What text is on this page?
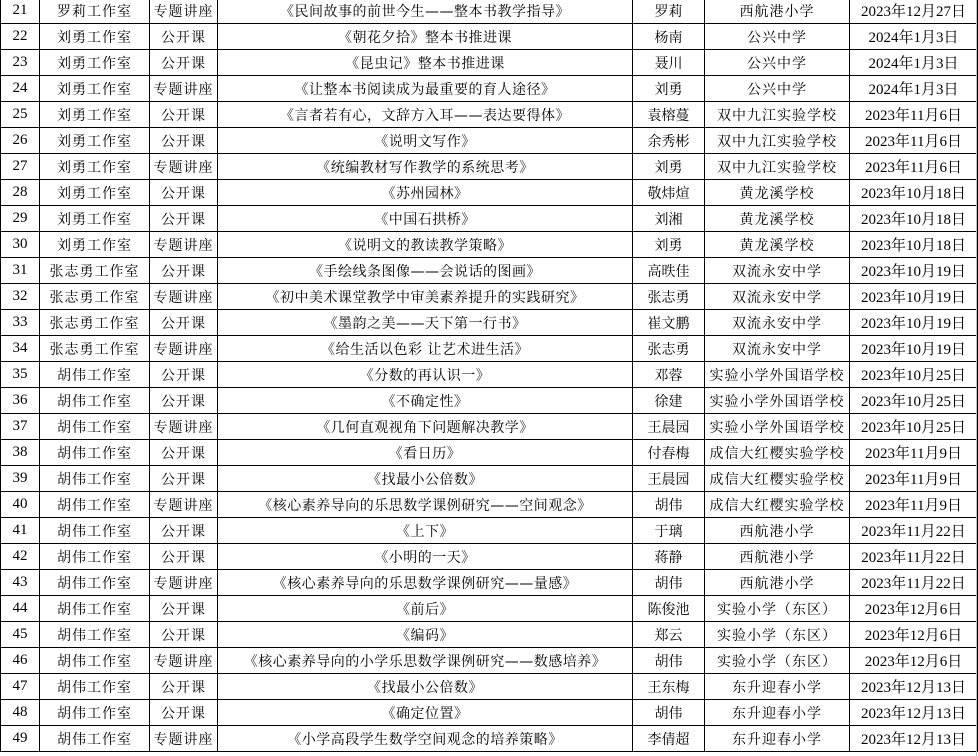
21	罗莉工作室	专题讲座	《民间故事的前世今生——整本书教学指导》	罗莉	西航港小学	2023年12月27日
22	刘勇工作室	公开课	《朝花夕拾》整本书推进课	杨南	公兴中学	2024年1月3日
23	刘勇工作室	公开课	《昆虫记》整本书推进课	聂川	公兴中学	2024年1月3日
24	刘勇工作室	专题讲座	《让整本书阅读成为最重要的育人途径》	刘勇	公兴中学	2024年1月3日
25	刘勇工作室	公开课	《言者若有心，文辞方入耳——表达要得体》	袁榕蔓	双中九江实验学校	2023年11月6日
26	刘勇工作室	公开课	《说明文写作》	余秀彬	双中九江实验学校	2023年11月6日
27	刘勇工作室	专题讲座	《统编教材写作教学的系统思考》	刘勇	双中九江实验学校	2023年11月6日
28	刘勇工作室	公开课	《苏州园林》	敬炜煊	黄龙溪学校	2023年10月18日
29	刘勇工作室	公开课	《中国石拱桥》	刘湘	黄龙溪学校	2023年10月18日
30	刘勇工作室	专题讲座	《说明文的教读教学策略》	刘勇	黄龙溪学校	2023年10月18日
31	张志勇工作室	公开课	《手绘线条图像——会说话的图画》	高昳佳	双流永安中学	2023年10月19日
32	张志勇工作室	专题讲座	《初中美术课堂教学中审美素养提升的实践研究》	张志勇	双流永安中学	2023年10月19日
33	张志勇工作室	公开课	《墨韵之美——天下第一行书》	崔文鹏	双流永安中学	2023年10月19日
34	张志勇工作室	专题讲座	《给生活以色彩 让艺术进生活》	张志勇	双流永安中学	2023年10月19日
35	胡伟工作室	公开课	《分数的再认识一》	邓蓉	实验小学外国语学校	2023年10月25日
36	胡伟工作室	公开课	《不确定性》	徐建	实验小学外国语学校	2023年10月25日
37	胡伟工作室	专题讲座	《几何直观视角下问题解决教学》	王晨园	实验小学外国语学校	2023年10月25日
38	胡伟工作室	公开课	《看日历》	付春梅	成信大红樱实验学校	2023年11月9日
39	胡伟工作室	公开课	《找最小公倍数》	王晨园	成信大红樱实验学校	2023年11月9日
40	胡伟工作室	专题讲座	《核心素养导向的乐思数学课例研究——空间观念》	胡伟	成信大红樱实验学校	2023年11月9日
41	胡伟工作室	公开课	《上下》	于璃	西航港小学	2023年11月22日
42	胡伟工作室	公开课	《小明的一天》	蒋静	西航港小学	2023年11月22日
43	胡伟工作室	专题讲座	《核心素养导向的乐思数学课例研究——量感》	胡伟	西航港小学	2023年11月22日
44	胡伟工作室	公开课	《前后》	陈俊池	实验小学（东区）	2023年12月6日
45	胡伟工作室	公开课	《编码》	郑云	实验小学（东区）	2023年12月6日
46	胡伟工作室	专题讲座	《核心素养导向的小学乐思数学课例研究——数感培养》	胡伟	实验小学（东区）	2023年12月6日
47	胡伟工作室	公开课	《找最小公倍数》	王东梅	东升迎春小学	2023年12月13日
48	胡伟工作室	公开课	《确定位置》	胡伟	东升迎春小学	2023年12月13日
49	胡伟工作室	专题讲座	《小学高段学生数学空间观念的培养策略》	李倩超	东升迎春小学	2023年12月13日
